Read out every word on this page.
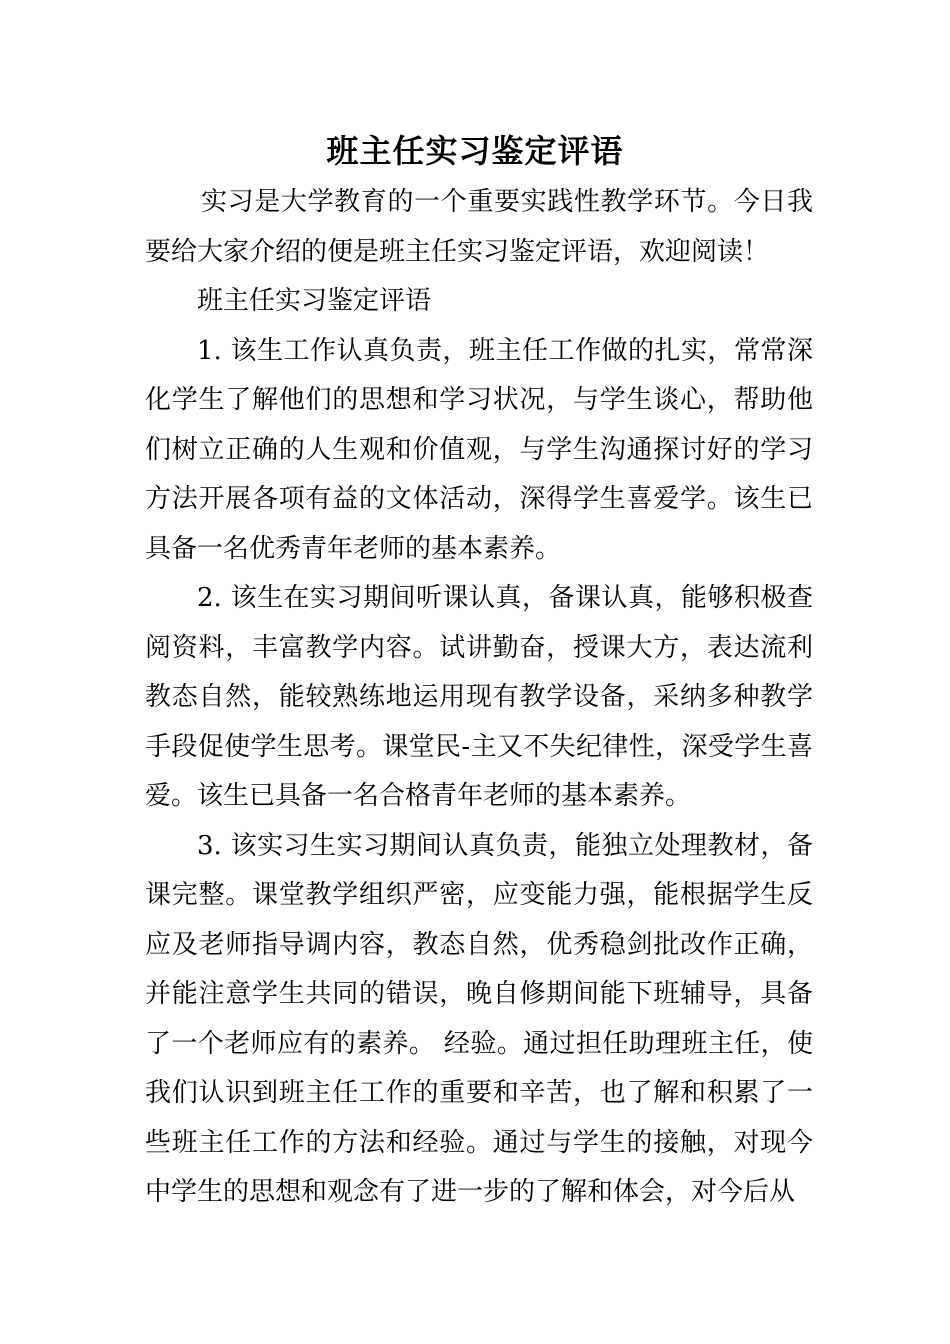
班主任实习鉴定评语

实习是大学教育的一个重要实践性教学环节。今日我要给大家介绍的便是班主任实习鉴定评语，欢迎阅读！

班主任实习鉴定评语

1. 该生工作认真负责，班主任工作做的扎实，常常深化学生了解他们的思想和学习状况，与学生谈心，帮助他们树立正确的人生观和价值观，与学生沟通探讨好的学习方法开展各项有益的文体活动，深得学生喜爱学。该生已具备一名优秀青年老师的基本素养。

2. 该生在实习期间听课认真，备课认真，能够积极查阅资料，丰富教学内容。试讲勤奋，授课大方，表达流利教态自然，能较熟练地运用现有教学设备，采纳多种教学手段促使学生思考。课堂民-主又不失纪律性，深受学生喜爱。该生已具备一名合格青年老师的基本素养。

3. 该实习生实习期间认真负责，能独立处理教材，备课完整。课堂教学组织严密，应变能力强，能根据学生反应及老师指导调内容，教态自然，优秀稳剑批改作正确，并能注意学生共同的错误，晚自修期间能下班辅导，具备了一个老师应有的素养。 经验。通过担任助理班主任，使我们认识到班主任工作的重要和辛苦，也了解和积累了一些班主任工作的方法和经验。通过与学生的接触，对现今中学生的思想和观念有了进一步的了解和体会，对今后从
